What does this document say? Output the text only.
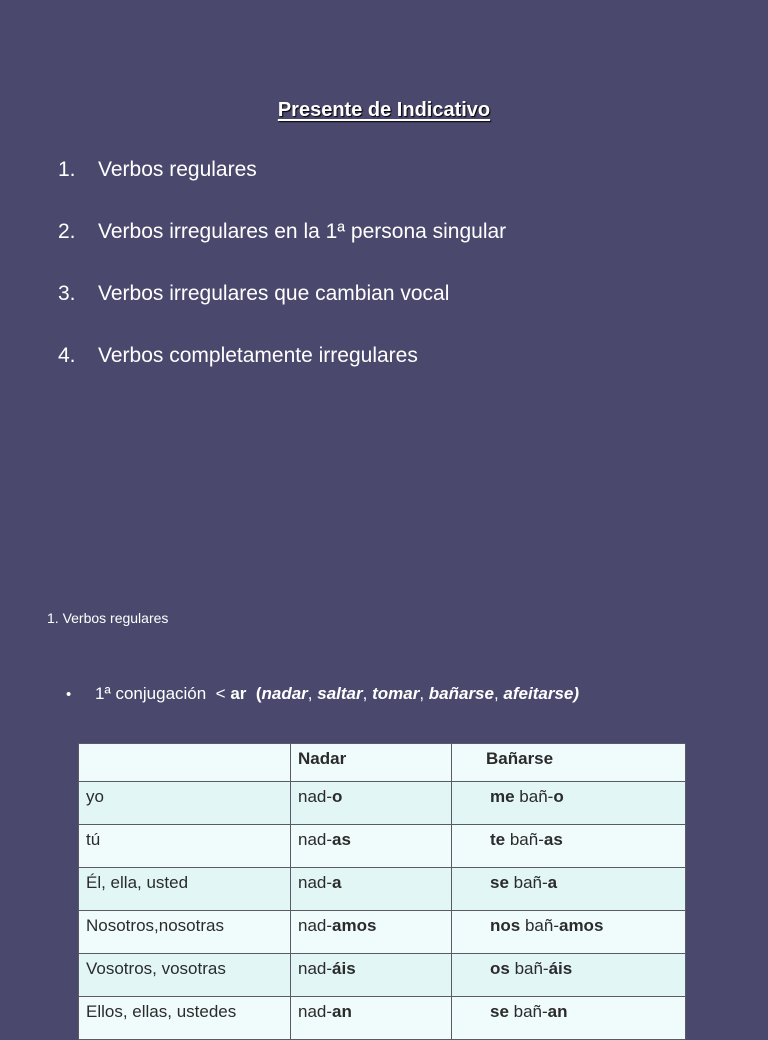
Presente de Indicativo
1.	Verbos regulares
2.	Verbos irregulares en la 1ª persona singular
3.	Verbos irregulares que cambian vocal
4.	Verbos completamente irregulares
1. Verbos regulares
•	1ª conjugación  < ar  (nadar, saltar, tomar, bañarse, afeitarse)
	Nadar	Bañarse
yo	nad-o	me bañ-o
tú	nad-as	te bañ-as
Él, ella, usted	nad-a	se bañ-a
Nosotros,nosotras	nad-amos	nos bañ-amos
Vosotros, vosotras	nad-áis	os bañ-áis
Ellos, ellas, ustedes	nad-an	se bañ-an
